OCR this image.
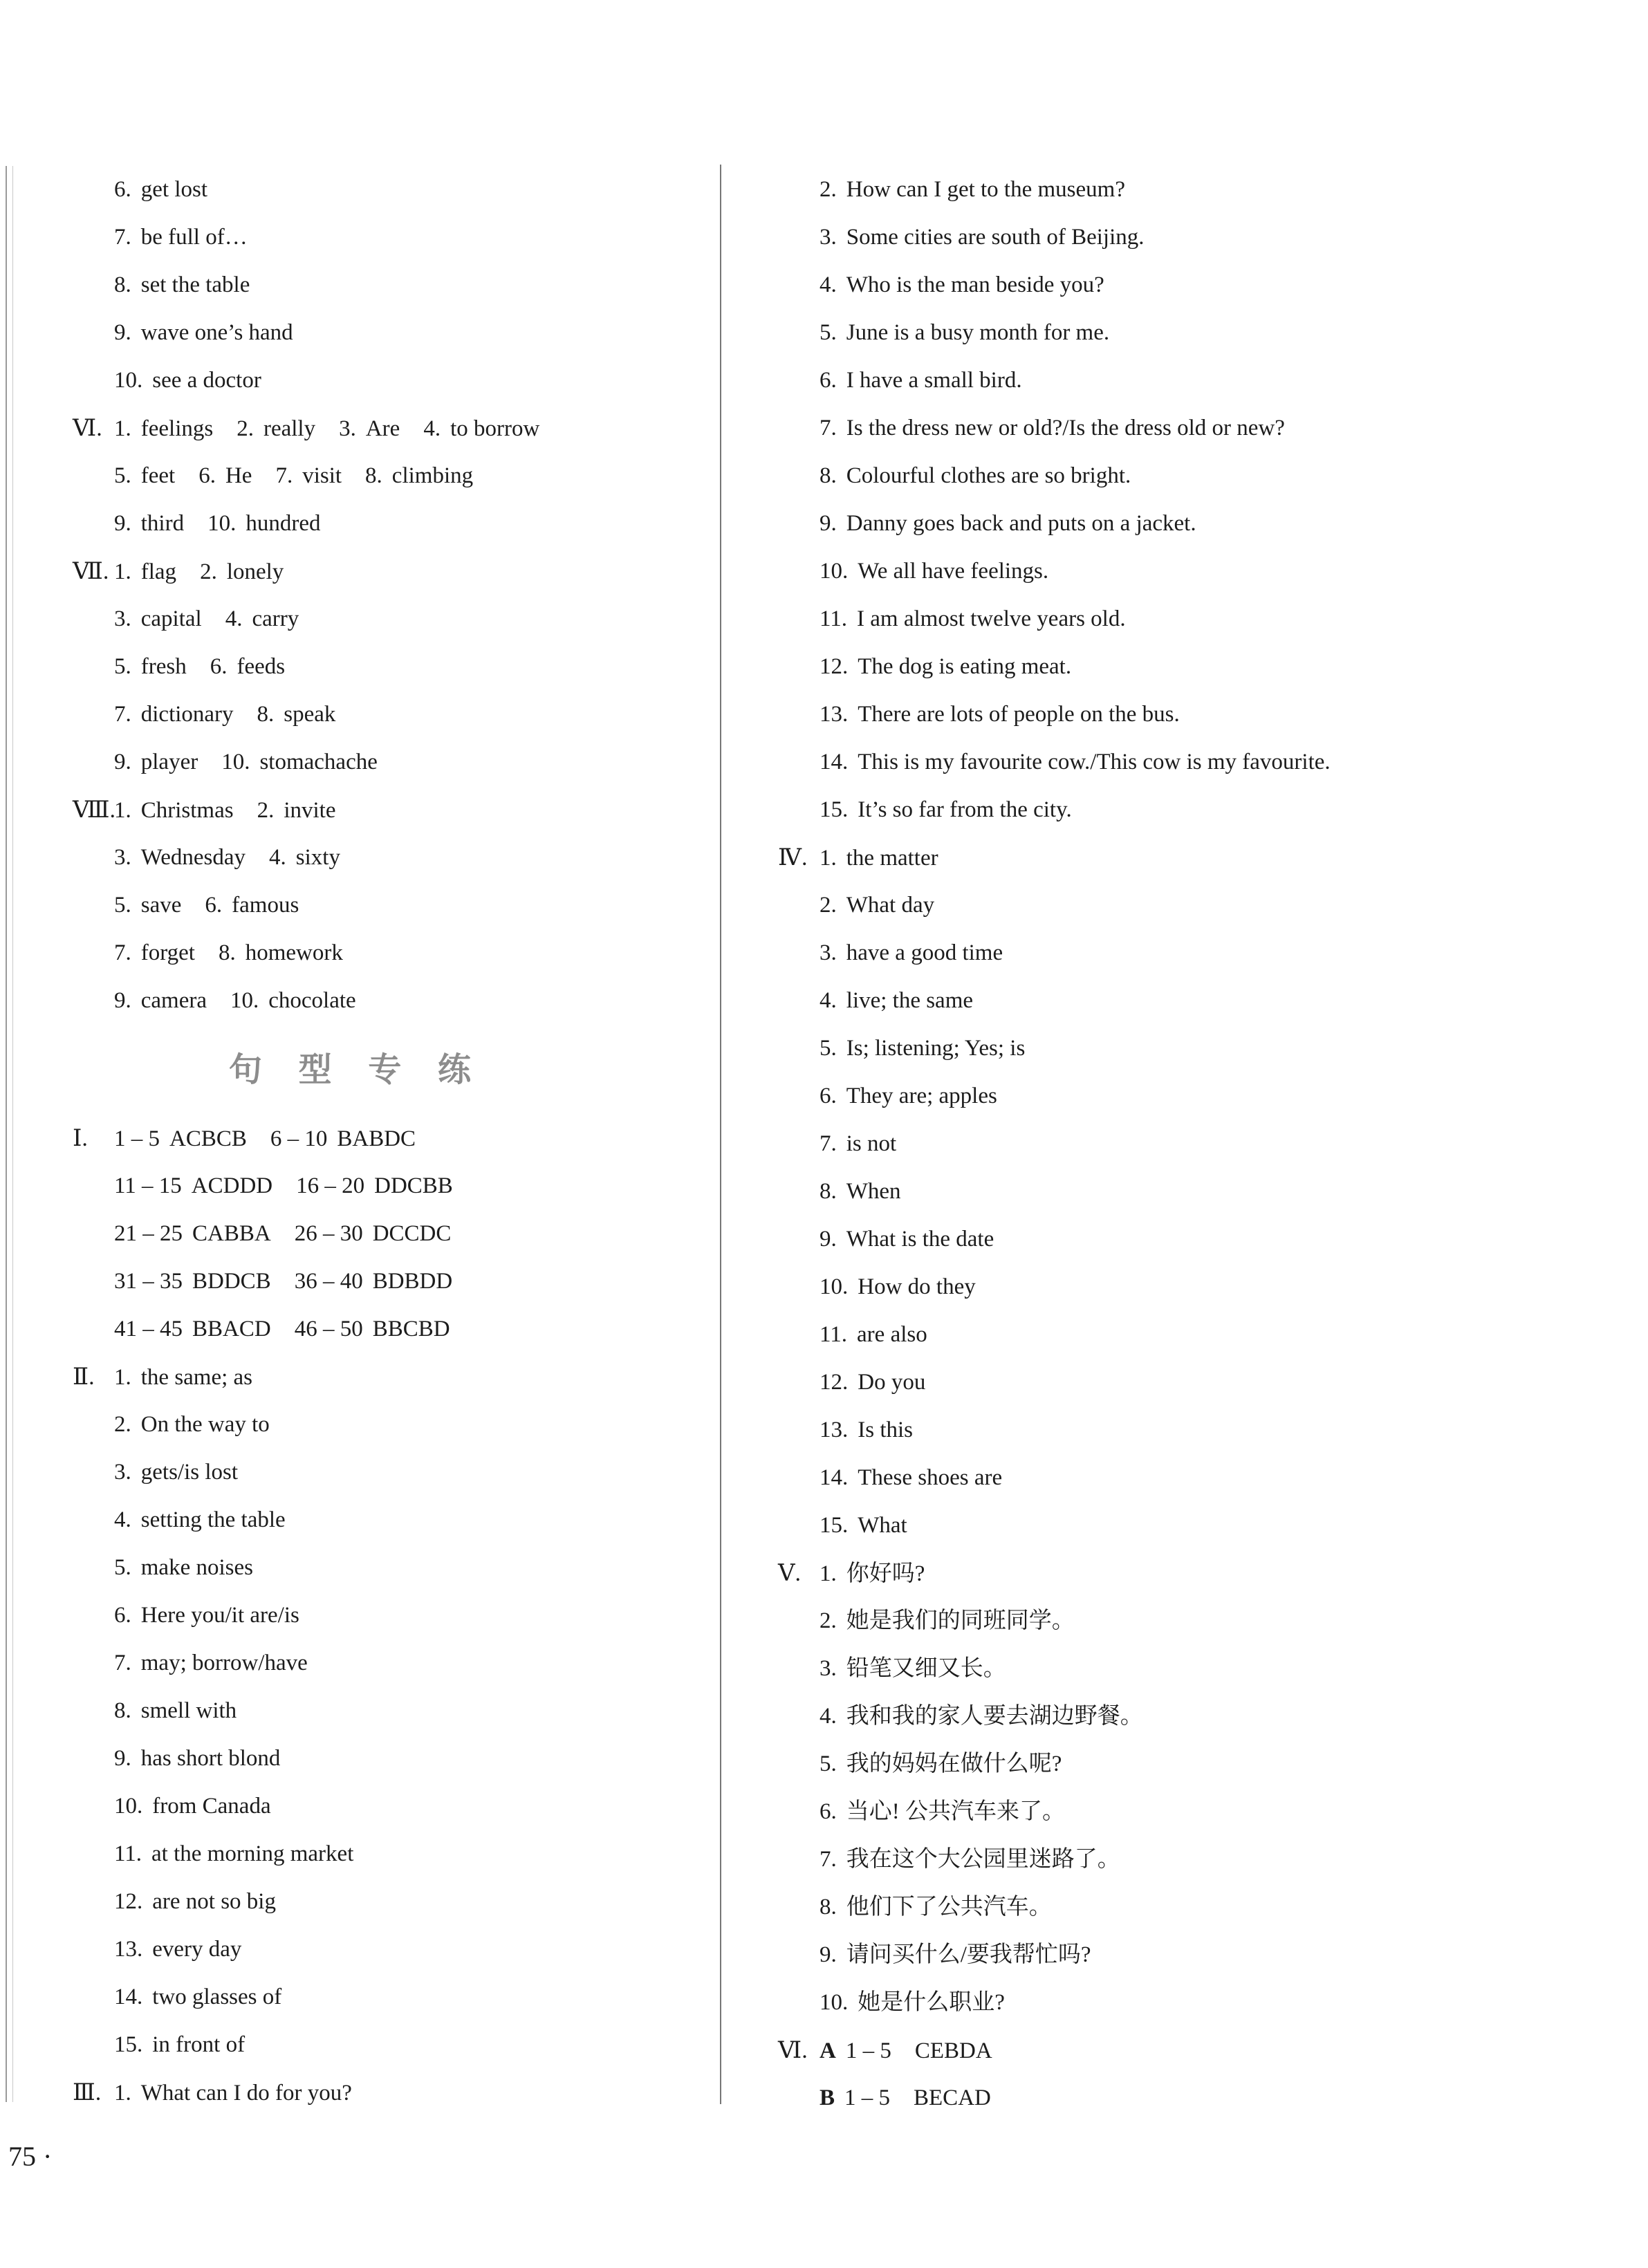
6. get lost
7. be full of…
8. set the table
9. wave one’s hand
10. see a doctor
Ⅵ. 1. feelings 2. really 3. Are 4. to borrow
5. feet 6. He 7. visit 8. climbing
9. third 10. hundred
Ⅶ. 1. flag 2. lonely
3. capital 4. carry
5. fresh 6. feeds
7. dictionary 8. speak
9. player 10. stomachache
Ⅷ.1. Christmas 2. invite
3. Wednesday 4. sixty
5. save 6. famous
7. forget 8. homework
9. camera 10. chocolate
Ⅰ. 1 – 5 ACBCB 6 – 10 BABDC
11 – 15 ACDDD 16 – 20 DDCBB
21 – 25 CABBA 26 – 30 DCCDC
31 – 35 BDDCB 36 – 40 BDBDD
41 – 45 BBACD 46 – 50 BBCBD
Ⅱ. 1. the same; as
2. On the way to
3. gets/is lost
4. setting the table
5. make noises
6. Here you/it are/is
7. may; borrow/have
8. smell with
9. has short blond
10. from Canada
11. at the morning market
12. are not so big
13. every day
14. two glasses of
15. in front of
Ⅲ. 1. What can I do for you?
2. How can I get to the museum?
3. Some cities are south of Beijing.
4. Who is the man beside you?
5. June is a busy month for me.
6. I have a small bird.
7. Is the dress new or old?/Is the dress old or new?
8. Colourful clothes are so bright.
9. Danny goes back and puts on a jacket.
10. We all have feelings.
11. I am almost twelve years old.
12. The dog is eating meat.
13. There are lots of people on the bus.
14. This is my favourite cow./This cow is my favourite.
15. It’s so far from the city.
Ⅳ. 1. the matter
2. What day
3. have a good time
4. live; the same
5. Is; listening; Yes; is
6. They are; apples
7. is not
8. When
9. What is the date
10. How do they
11. are also
12. Do you
13. Is this
14. These shoes are
15. What
Ⅴ. 1. 你好吗?
2. 她是我们的同班同学。
3. 铅笔又细又长。
4. 我和我的家人要去湖边野餐。
5. 我的妈妈在做什么呢?
6. 当心! 公共汽车来了。
7. 我在这个大公园里迷路了。
8. 他们下了公共汽车。
9. 请问买什么/要我帮忙吗?
10. 她是什么职业?
Ⅵ. A 1 – 5 CEBDA
B 1 – 5 BECAD
句 型 专 练
75 ·
